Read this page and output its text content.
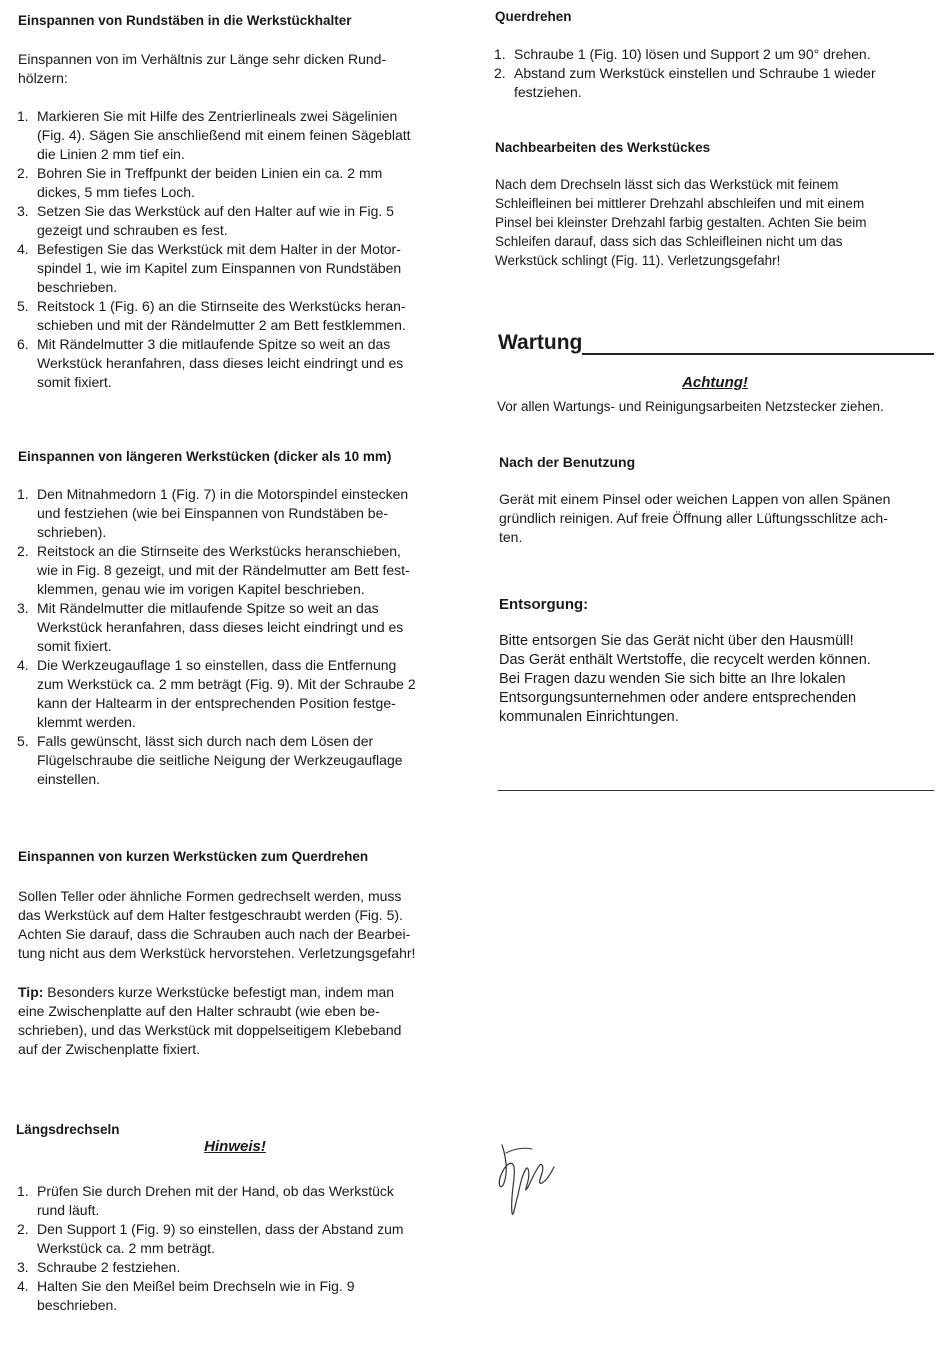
Einspannen von Rundstäben in die Werkstückhalter
Einspannen von im Verhältnis zur Länge sehr dicken Rund-
hölzern:
1. Markieren Sie mit Hilfe des Zentrierlineals zwei Sägelinien
(Fig. 4). Sägen Sie anschließend mit einem feinen Sägeblatt
die Linien 2 mm tief ein.
2. Bohren Sie in Treffpunkt der beiden Linien ein ca. 2 mm
dickes, 5 mm tiefes Loch.
3. Setzen Sie das Werkstück auf den Halter auf wie in Fig. 5
gezeigt und schrauben es fest.
4. Befestigen Sie das Werkstück mit dem Halter in der Motor-
spindel 1, wie im Kapitel zum Einspannen von Rundstäben
beschrieben.
5. Reitstock 1 (Fig. 6) an die Stirnseite des Werkstücks heran-
schieben und mit der Rändelmutter 2 am Bett festklemmen.
6. Mit Rändelmutter 3 die mitlaufende Spitze so weit an das
Werkstück heranfahren, dass dieses leicht eindringt und es
somit fixiert.
Einspannen von längeren Werkstücken (dicker als 10 mm)
1. Den Mitnahmedorn 1 (Fig. 7) in die Motorspindel einstecken
und festziehen (wie bei Einspannen von Rundstäben be-
schrieben).
2. Reitstock an die Stirnseite des Werkstücks heranschieben,
wie in Fig. 8 gezeigt, und mit der Rändelmutter am Bett fest-
klemmen, genau wie im vorigen Kapitel beschrieben.
3. Mit Rändelmutter die mitlaufende Spitze so weit an das
Werkstück heranfahren, dass dieses leicht eindringt und es
somit fixiert.
4. Die Werkzeugauflage 1 so einstellen, dass die Entfernung
zum Werkstück ca. 2 mm beträgt (Fig. 9). Mit der Schraube 2
kann der Haltearm in der entsprechenden Position festge-
klemmt werden.
5. Falls gewünscht, lässt sich durch nach dem Lösen der
Flügelschraube die seitliche Neigung der Werkzeugauflage
einstellen.
Einspannen von kurzen Werkstücken zum Querdrehen
Sollen Teller oder ähnliche Formen gedrechselt werden, muss
das Werkstück auf dem Halter festgeschraubt werden (Fig. 5).
Achten Sie darauf, dass die Schrauben auch nach der Bearbei-
tung nicht aus dem Werkstück hervorstehen. Verletzungsgefahr!
Tip: Besonders kurze Werkstücke befestigt man, indem man
eine Zwischenplatte auf den Halter schraubt (wie eben be-
schrieben), und das Werkstück mit doppelseitigem Klebeband
auf der Zwischenplatte fixiert.
Längsdrechseln
Hinweis!
1. Prüfen Sie durch Drehen mit der Hand, ob das Werkstück
rund läuft.
2. Den Support 1 (Fig. 9) so einstellen, dass der Abstand zum
Werkstück ca. 2 mm beträgt.
3. Schraube 2 festziehen.
4. Halten Sie den Meißel beim Drechseln wie in Fig. 9
beschrieben.
Querdrehen
1. Schraube 1 (Fig. 10) lösen und Support 2 um 90° drehen.
2. Abstand zum Werkstück einstellen und Schraube 1 wieder
festziehen.
Nachbearbeiten des Werkstückes
Nach dem Drechseln lässt sich das Werkstück mit feinem
Schleifleinen bei mittlerer Drehzahl abschleifen und mit einem
Pinsel bei kleinster Drehzahl farbig gestalten. Achten Sie beim
Schleifen darauf, dass sich das Schleifleinen nicht um das
Werkstück schlingt (Fig. 11). Verletzungsgefahr!
Wartung
Achtung!
Vor allen Wartungs- und Reinigungsarbeiten Netzstecker ziehen.
Nach der Benutzung
Gerät mit einem Pinsel oder weichen Lappen von allen Spänen
gründlich reinigen. Auf freie Öffnung aller Lüftungsschlitze ach-
ten.
Entsorgung:
Bitte entsorgen Sie das Gerät nicht über den Hausmüll!
Das Gerät enthält Wertstoffe, die recycelt werden können.
Bei Fragen dazu wenden Sie sich bitte an Ihre lokalen
Entsorgungsunternehmen oder andere entsprechenden
kommunalen Einrichtungen.
